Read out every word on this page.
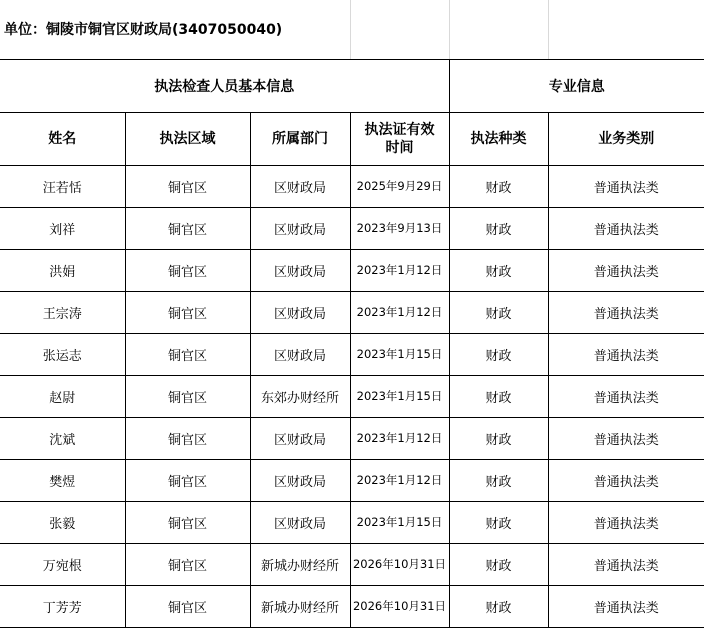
单位：铜陵市铜官区财政局(3407050040)					
执法检查人员基本信息				专业信息	
姓名	执法区域	所属部门	执法证有效时间	执法种类	业务类别
汪若恬	铜官区	区财政局	2025年9月29日	财政	普通执法类
刘祥	铜官区	区财政局	2023年9月13日	财政	普通执法类
洪娟	铜官区	区财政局	2023年1月12日	财政	普通执法类
王宗涛	铜官区	区财政局	2023年1月12日	财政	普通执法类
张运志	铜官区	区财政局	2023年1月15日	财政	普通执法类
赵尉	铜官区	东郊办财经所	2023年1月15日	财政	普通执法类
沈斌	铜官区	区财政局	2023年1月12日	财政	普通执法类
樊煜	铜官区	区财政局	2023年1月12日	财政	普通执法类
张毅	铜官区	区财政局	2023年1月15日	财政	普通执法类
万宛根	铜官区	新城办财经所	2026年10月31日	财政	普通执法类
丁芳芳	铜官区	新城办财经所	2026年10月31日	财政	普通执法类
